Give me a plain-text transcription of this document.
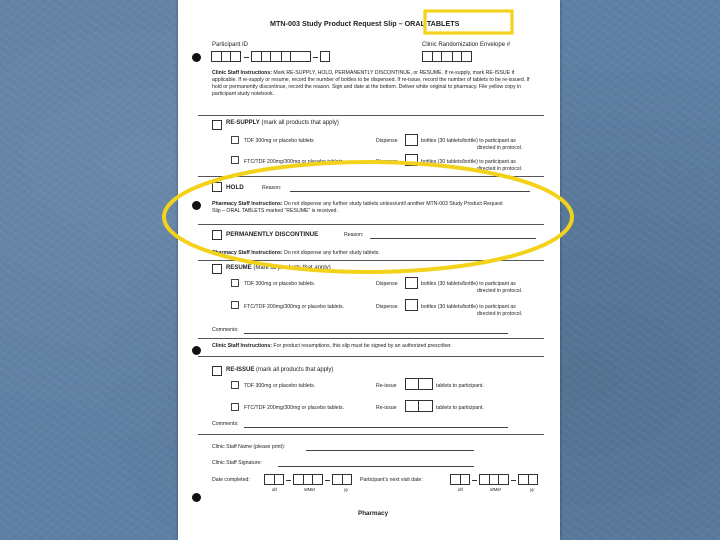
MTN-003 Study Product Request Slip – ORAL TABLETS
Participant ID	Clinic Randomization Envelope #
Clinic Staff Instructions: Mark RE-SUPPLY, HOLD, PERMANENTLY DISCONTINUE, or RESUME. If re-supply, mark RE-ISSUE if applicable. If re-supply or resume, record the number of bottles to be dispensed. If re-issue, record the number of tablets to be re-issued. If hold or permanently discontinue, record the reason. Sign and date at the bottom. Deliver white original to pharmacy. File yellow copy in participant study notebook.
RE-SUPPLY (mark all products that apply)
TDF 300mg or placebo tablets	Dispense	bottles (30 tablets/bottle) to participant as
directed in protocol.
FTC/TDF 200mg/300mg or placebo tablets	Dispense	bottles (30 tablets/bottle) to participant as
directed in protocol.
HOLD	Reason:
Pharmacy Staff Instructions: Do not dispense any further study tablets unless/until another MTN-003 Study Product Request Slip – ORAL TABLETS marked “RESUME” is received.
PERMANENTLY DISCONTINUE	Reason:
Pharmacy Staff Instructions: Do not dispense any further study tablets.
RESUME (Mark all products that apply)
TDF 300mg or placebo tablets.	Dispense	bottles (30 tablets/bottle) to participant as
directed in protocol.
FTC/TDF 200mg/300mg or placebo tablets.	Dispense	bottles (30 tablets/bottle) to participant as
directed in protocol.
Comments:
Clinic Staff Instructions: For product resumptions, this slip must be signed by an authorized prescriber.
RE-ISSUE (mark all products that apply)
TDF 300mg or placebo tablets.	Re-issue	tablets to participant.
FTC/TDF 200mg/300mg or placebo tablets.	Re-issue	tablets to participant.
Comments:
Clinic Staff Name (please print):
Clinic Staff Signature:
Date completed:
dd	MMM	yy
Participant’s next visit date:
dd	MMM	yy
Pharmacy
